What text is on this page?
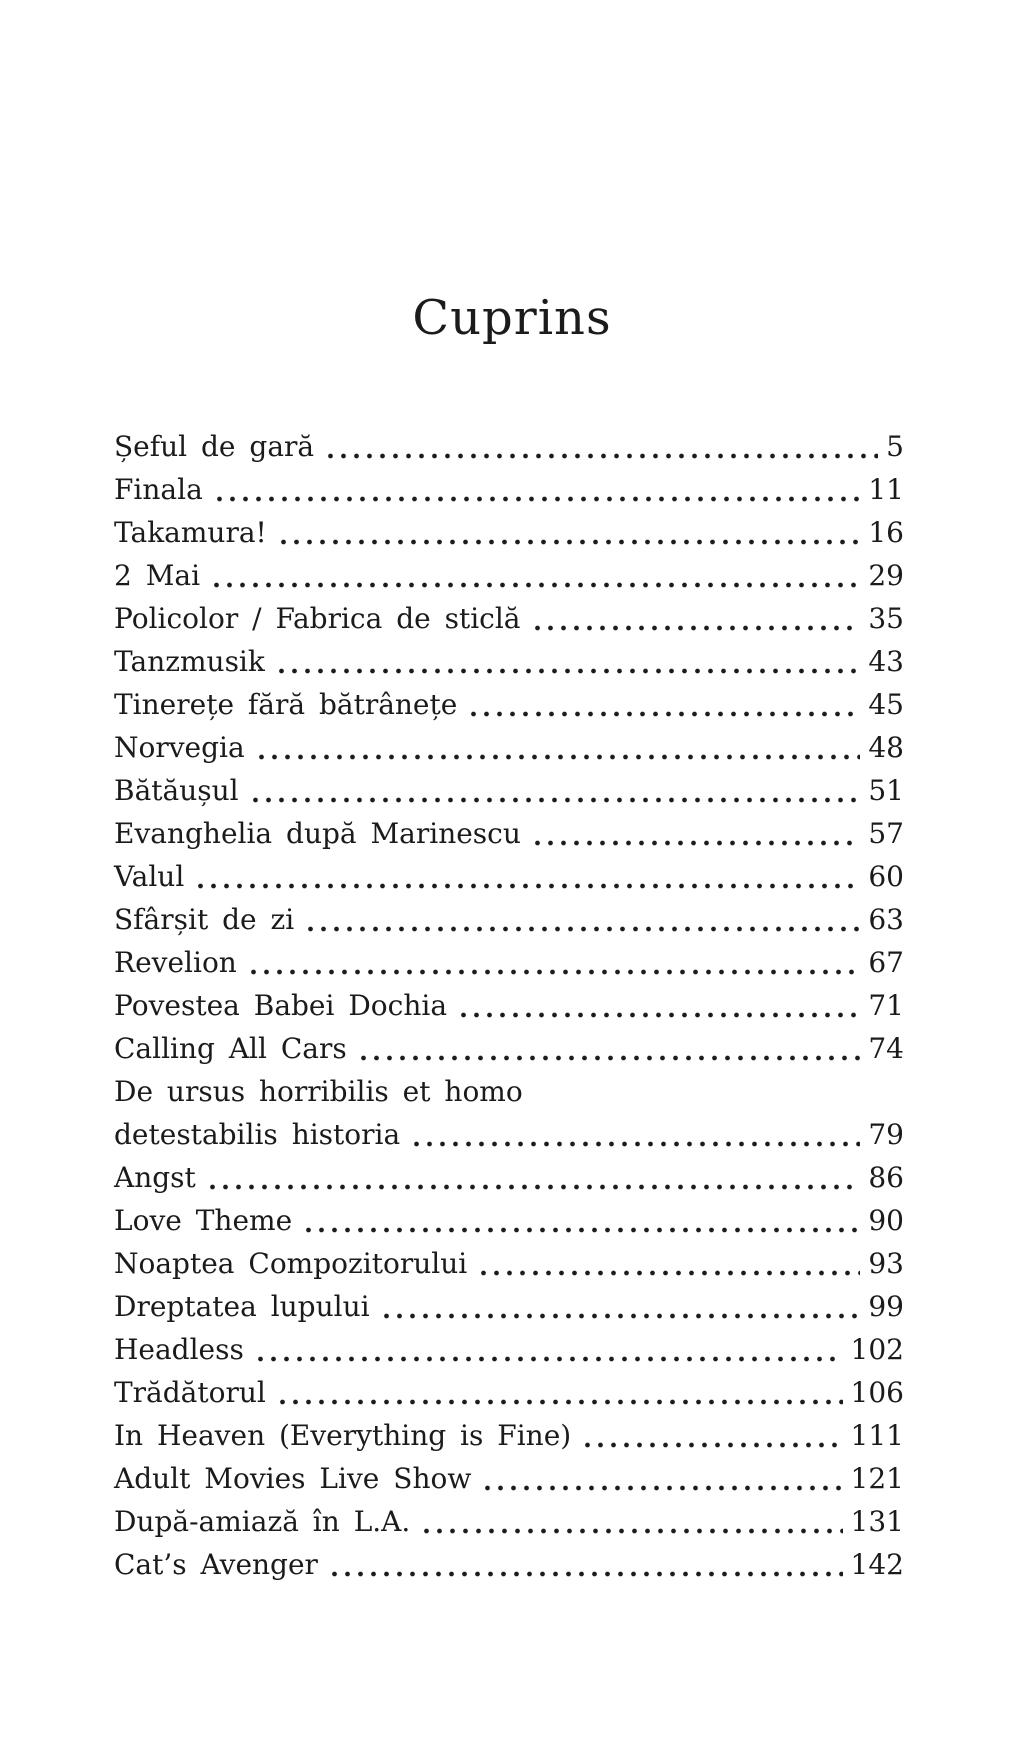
Cuprins
Șeful de gară	5
Finala	11
Takamura!	16
2 Mai	29
Policolor / Fabrica de sticlă	35
Tanzmusik	43
Tinerețe fără bătrânețe	45
Norvegia	48
Bătăușul	51
Evanghelia după Marinescu	57
Valul	60
Sfârșit de zi	63
Revelion	67
Povestea Babei Dochia	71
Calling All Cars	74
De ursus horribilis et homo
detestabilis historia	79
Angst	86
Love Theme	90
Noaptea Compozitorului	93
Dreptatea lupului	99
Headless	102
Trădătorul	106
In Heaven (Everything is Fine)	111
Adult Movies Live Show	121
După-amiază în L.A.	131
Cat’s Avenger	142
